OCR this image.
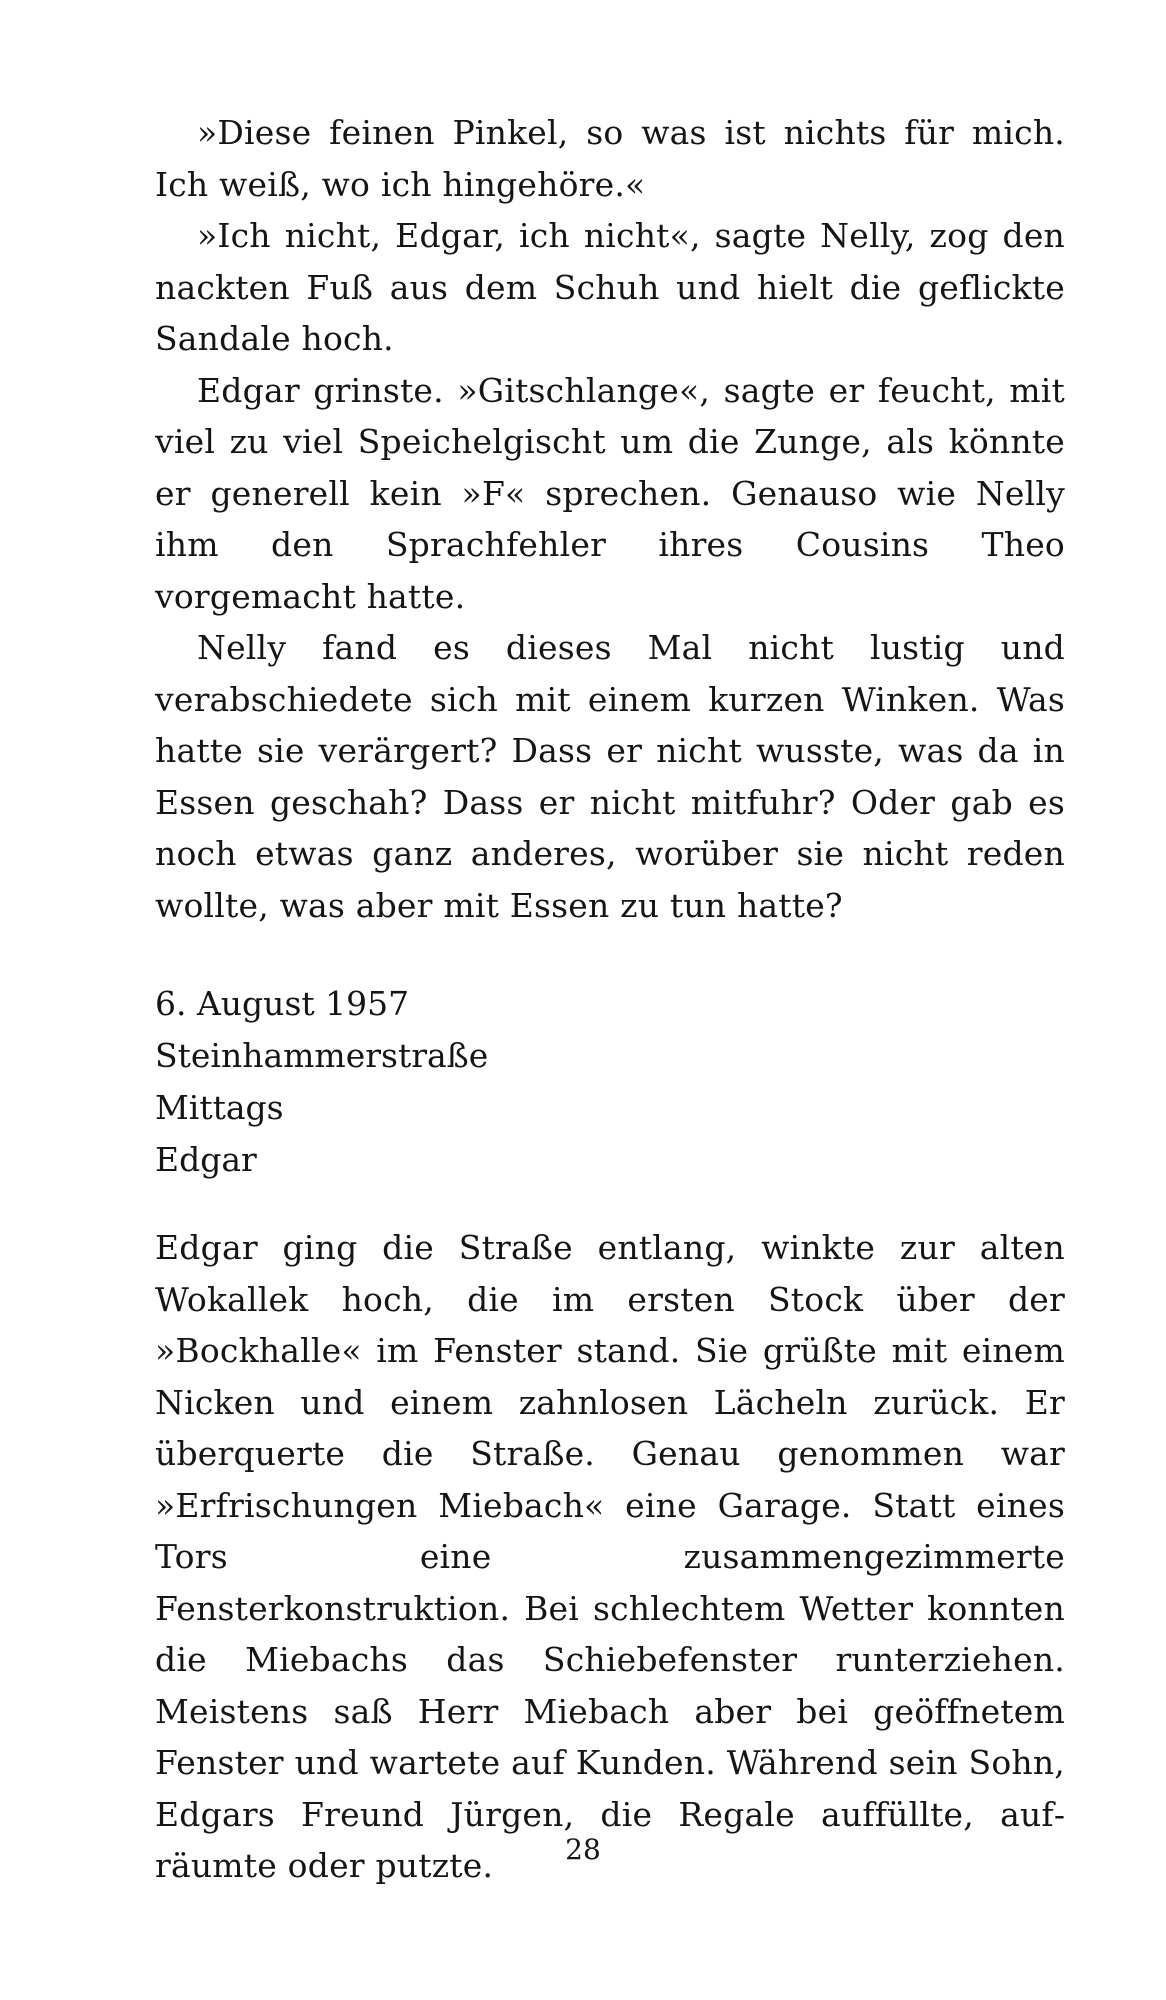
»Diese feinen Pinkel, so was ist nichts für mich. Ich weiß, wo ich hingehöre.«

»Ich nicht, Edgar, ich nicht«, sagte Nelly, zog den nackten Fuß aus dem Schuh und hielt die geflickte Sandale hoch.

Edgar grinste. »Gitschlange«, sagte er feucht, mit viel zu viel Speichelgischt um die Zunge, als könnte er generell kein »F« sprechen. Genauso wie Nelly ihm den Sprachfehler ihres Cousins Theo vorgemacht hatte.

Nelly fand es dieses Mal nicht lustig und verabschiedete sich mit einem kurzen Winken. Was hatte sie verärgert? Dass er nicht wusste, was da in Essen geschah? Dass er nicht mitfuhr? Oder gab es noch etwas ganz anderes, worüber sie nicht reden wollte, was aber mit Essen zu tun hatte?

6. August 1957
Steinhammerstraße
Mittags
Edgar

Edgar ging die Straße entlang, winkte zur alten Wokallek hoch, die im ersten Stock über der »Bockhalle« im Fenster stand. Sie grüßte mit einem Nicken und einem zahnlosen Lächeln zurück. Er überquerte die Straße. Genau genommen war »Erfrischungen Miebach« eine Garage. Statt eines Tors eine zusammengezimmerte Fensterkonstruktion. Bei schlechtem Wetter konnten die Miebachs das Schiebefenster runterziehen. Meistens saß Herr Miebach aber bei geöffnetem Fenster und wartete auf Kunden. Während sein Sohn, Edgars Freund Jürgen, die Regale auffüllte, aufräumte oder putzte.	28
